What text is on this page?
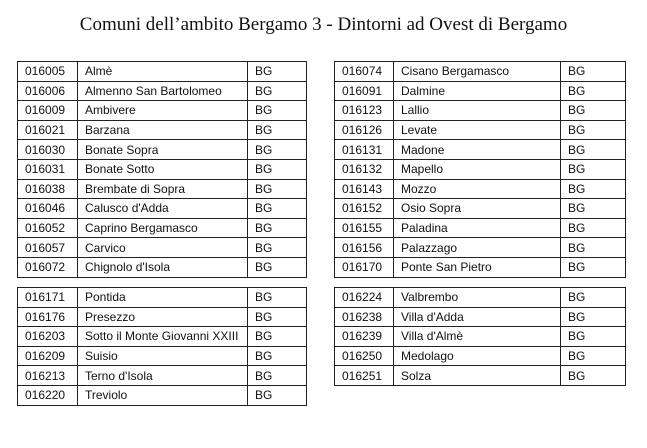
Comuni dell’ambito Bergamo 3 - Dintorni ad Ovest di Bergamo
016005	Almè	BG
016006	Almenno San Bartolomeo	BG
016009	Ambivere	BG
016021	Barzana	BG
016030	Bonate Sopra	BG
016031	Bonate Sotto	BG
016038	Brembate di Sopra	BG
016046	Calusco d'Adda	BG
016052	Caprino Bergamasco	BG
016057	Carvico	BG
016072	Chignolo d'Isola	BG
016074	Cisano Bergamasco	BG
016091	Dalmine	BG
016123	Lallio	BG
016126	Levate	BG
016131	Madone	BG
016132	Mapello	BG
016143	Mozzo	BG
016152	Osio Sopra	BG
016155	Paladina	BG
016156	Palazzago	BG
016170	Ponte San Pietro	BG
016171	Pontida	BG
016176	Presezzo	BG
016203	Sotto il Monte Giovanni XXIII	BG
016209	Suisio	BG
016213	Terno d'Isola	BG
016220	Treviolo	BG
016224	Valbrembo	BG
016238	Villa d'Adda	BG
016239	Villa d'Almè	BG
016250	Medolago	BG
016251	Solza	BG
